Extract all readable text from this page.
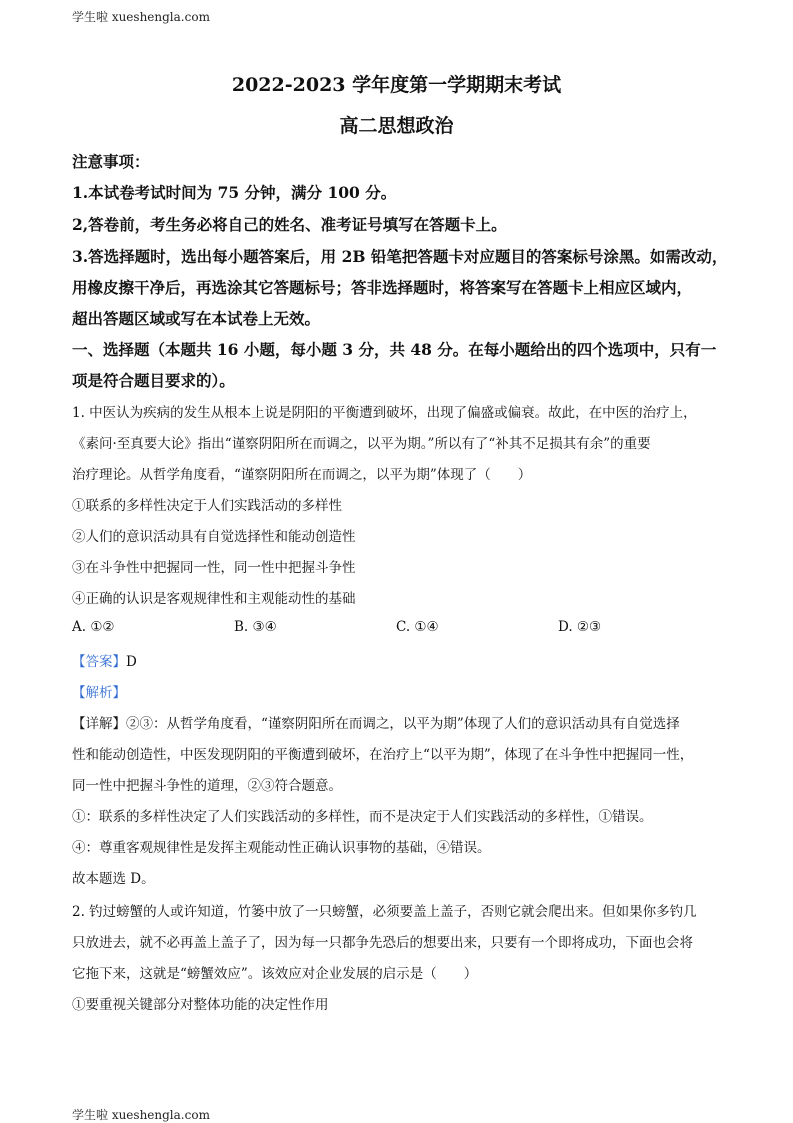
学生啦 xueshengla.com
2022-2023 学年度第一学期期末考试
高二思想政治
注意事项：
1.本试卷考试时间为 75 分钟，满分 100 分。
2,答卷前，考生务必将自己的姓名、准考证号填写在答题卡上。
3.答选择题时，选出每小题答案后，用 2B 铅笔把答题卡对应题目的答案标号涂黑。如需改动，
用橡皮擦干净后，再选涂其它答题标号；答非选择题时，将答案写在答题卡上相应区域内，
超出答题区域或写在本试卷上无效。
一、选择题（本题共 16 小题，每小题 3 分，共 48 分。在每小题给出的四个选项中，只有一
项是符合题目要求的）。
1. 中医认为疾病的发生从根本上说是阴阳的平衡遭到破坏，出现了偏盛或偏衰。故此，在中医的治疗上，
《素问·至真要大论》指出“谨察阴阳所在而调之，以平为期。”所以有了“补其不足损其有余”的重要
治疗理论。从哲学角度看，“谨察阴阳所在而调之，以平为期”体现了（　　）
①联系的多样性决定于人们实践活动的多样性
②人们的意识活动具有自觉选择性和能动创造性
③在斗争性中把握同一性，同一性中把握斗争性
④正确的认识是客观规律性和主观能动性的基础
A. ①②	B. ③④	C. ①④	D. ②③
【答案】D
【解析】
【详解】②③：从哲学角度看，“谨察阴阳所在而调之，以平为期”体现了人们的意识活动具有自觉选择
性和能动创造性，中医发现阴阳的平衡遭到破坏，在治疗上“以平为期”，体现了在斗争性中把握同一性，
同一性中把握斗争性的道理，②③符合题意。
①：联系的多样性决定了人们实践活动的多样性，而不是决定于人们实践活动的多样性，①错误。
④：尊重客观规律性是发挥主观能动性正确认识事物的基础，④错误。
故本题选 D。
2. 钓过螃蟹的人或许知道，竹篓中放了一只螃蟹，必须要盖上盖子，否则它就会爬出来。但如果你多钓几
只放进去，就不必再盖上盖子了，因为每一只都争先恐后的想要出来，只要有一个即将成功，下面也会将
它拖下来，这就是“螃蟹效应”。该效应对企业发展的启示是（　　）
①要重视关键部分对整体功能的决定性作用
学生啦 xueshengla.com
